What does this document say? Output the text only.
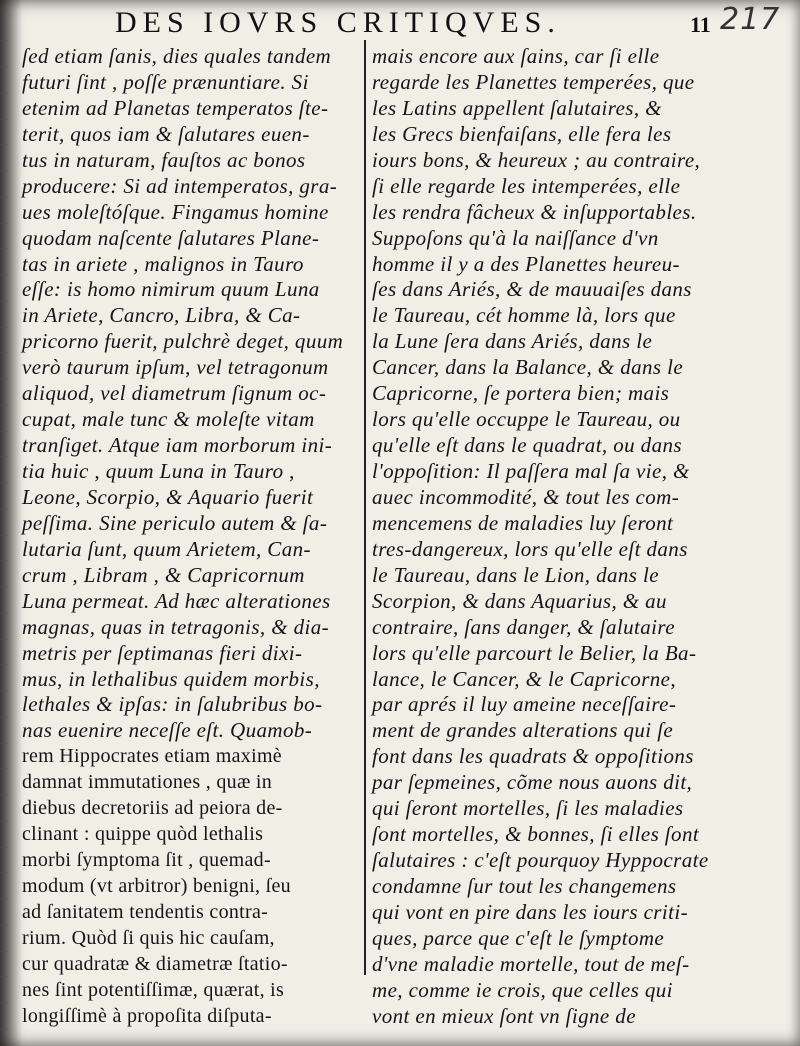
DES IOVRS CRITIQVES.	11 217
ſed etiam ſanis, dies quales tandem
futuri ſint , poſſe prænuntiare. Si
etenim ad Planetas temperatos ſte-
terit, quos iam & ſalutares euen-
tus in naturam, fauſtos ac bonos
producere: Si ad intemperatos, gra-
ues moleſtóſque. Fingamus homine
quodam naſcente ſalutares Plane-
tas in ariete , malignos in Tauro
eſſe: is homo nimirum quum Luna
in Ariete, Cancro, Libra, & Ca-
pricorno fuerit, pulchrè deget, quum
verò taurum ipſum, vel tetragonum
aliquod, vel diametrum ſignum oc-
cupat, male tunc & moleſte vitam
tranſiget. Atque iam morborum ini-
tia huic , quum Luna in Tauro ,
Leone, Scorpio, & Aquario fuerit
peſſima. Sine periculo autem & ſa-
lutaria ſunt, quum Arietem, Can-
crum , Libram , & Capricornum
Luna permeat. Ad hæc alterationes
magnas, quas in tetragonis, & dia-
metris per ſeptimanas fieri dixi-
mus, in lethalibus quidem morbis,
lethales & ipſas: in ſalubribus bo-
nas euenire neceſſe eſt. Quamob-
rem Hippocrates etiam maximè
damnat immutationes , quæ in
diebus decretoriis ad peiora de-
clinant : quippe quòd lethalis
morbi ſymptoma ſit , quemad-
modum (vt arbitror) benigni, ſeu
ad ſanitatem tendentis contra-
rium. Quòd ſi quis hic cauſam,
cur quadratæ & diametræ ſtatio-
nes ſint potentiſſimæ, quærat, is
longiſſimè à propoſita diſputa-
mais encore aux ſains, car ſi elle
regarde les Planettes temperées, que
les Latins appellent ſalutaires, &
les Grecs bienfaiſans, elle fera les
iours bons, & heureux ; au contraire,
ſi elle regarde les intemperées, elle
les rendra fâcheux & inſupportables.
Suppoſons qu'à la naiſſance d'vn
homme il y a des Planettes heureu-
ſes dans Ariés, & de mauuaiſes dans
le Taureau, cét homme là, lors que
la Lune ſera dans Ariés, dans le
Cancer, dans la Balance, & dans le
Capricorne, ſe portera bien; mais
lors qu'elle occuppe le Taureau, ou
qu'elle eſt dans le quadrat, ou dans
l'oppoſition: Il paſſera mal ſa vie, &
auec incommodité, & tout les com-
mencemens de maladies luy ſeront
tres-dangereux, lors qu'elle eſt dans
le Taureau, dans le Lion, dans le
Scorpion, & dans Aquarius, & au
contraire, ſans danger, & ſalutaire
lors qu'elle parcourt le Belier, la Ba-
lance, le Cancer, & le Capricorne,
par aprés il luy ameine neceſſaire-
ment de grandes alterations qui ſe
font dans les quadrats & oppoſitions
par ſepmeines, cõme nous auons dit,
qui ſeront mortelles, ſi les maladies
ſont mortelles, & bonnes, ſi elles ſont
ſalutaires : c'eſt pourquoy Hyppocrate
condamne ſur tout les changemens
qui vont en pire dans les iours criti-
ques, parce que c'eſt le ſymptome
d'vne maladie mortelle, tout de meſ-
me, comme ie crois, que celles qui
vont en mieux ſont vn ſigne de
